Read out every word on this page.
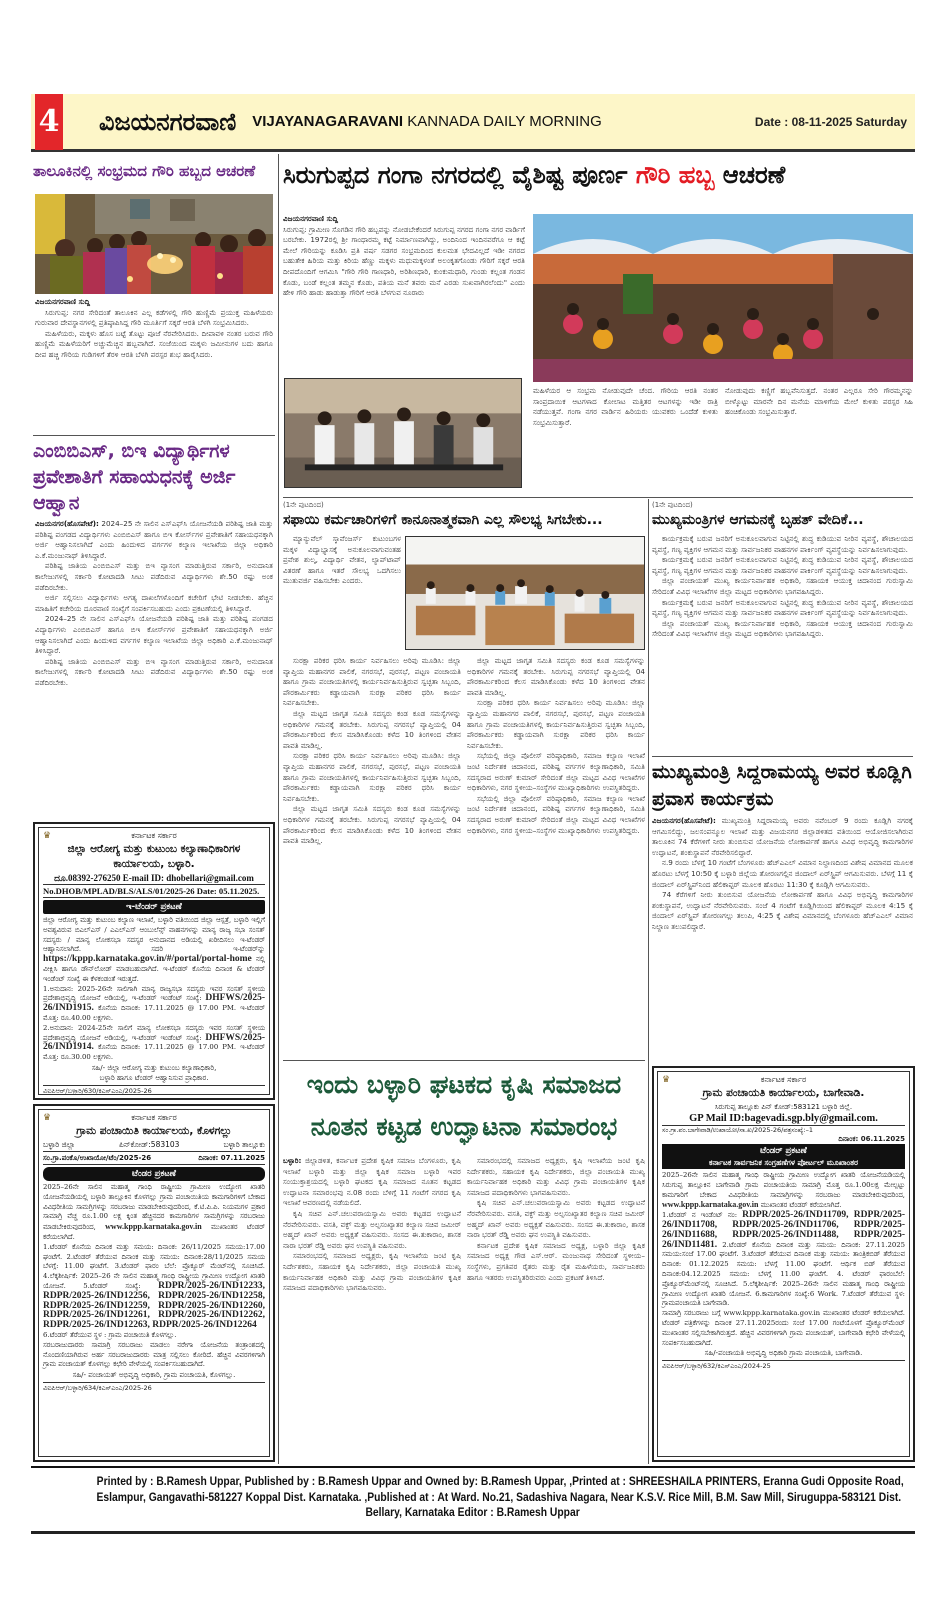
4 ವಿಜಯನಗರವಾಣಿ VIJAYANAGARAVANI KANNADA DAILY MORNING	Date : 08-11-2025 Saturday
ತಾಲೂಕಿನಲ್ಲಿ ಸಂಭ್ರಮದ ಗೌರಿ ಹಬ್ಬದ ಆಚರಣೆ
ವಿಜಯನಗರವಾಣಿ ಸುದ್ದಿ

ಸಿರುಗುಪ್ಪ: ನಗರ ಸೇರಿದಂತೆ ತಾಲೂಕಿನ ಎಲ್ಲ ಕಡೆಗಳಲ್ಲಿ ಗೌರಿ ಹುಣ್ಣಿಮೆ ಪ್ರಯುಕ್ತ ಮಹಿಳೆಯರು ಗುರುವಾರ ದೇವಸ್ಥಾನಗಳಲ್ಲಿ ಪ್ರತಿಷ್ಠಾಪಿಸಿದ್ದ ಗೌರಿ ಮೂರ್ತಿಗೆ ಸಕ್ಕರೆ ಆರತಿ ಬೆಳಗಿ ಸಂಭ್ರಮಿಸಿದರು.

ಮಹಿಳೆಯರು, ಮಕ್ಕಳು ಹೊಸ ಬಟ್ಟೆ ತೊಟ್ಟು ಪೂಜೆ ನೆರವೇರಿಸಿದರು. ದೀಪಾವಳಿ ನಂತರ ಬರುವ ಗೌರಿ ಹುಣ್ಣಿಮೆ ಮಹಿಳೆಯರಿಗೆ ಅಚ್ಚುಮೆಚ್ಚಿನ ಹಬ್ಬವಾಗಿದೆ. ಸಂಜೆಯಿಂದ ಮಕ್ಕಳು ಜಮೀನುಗಳ ಬದು ಹಾಗೂ ದೀಪ ಹಚ್ಚಿ ಗೌರಿಯ ಗುಡಿಗಳಿಗೆ ತೆರಳಿ ಆರತಿ ಬೆಳಗಿ ಪರಸ್ಪರ ಶುಭ ಹಾರೈಸಿದರು.

ಎಂಬಿಬಿಎಸ್, ಬಿಇ ವಿದ್ಯಾರ್ಥಿಗಳ ಪ್ರವೇಶಾತಿಗೆ ಸಹಾಯಧನಕ್ಕೆ ಅರ್ಜಿ ಆಹ್ವಾನ
ವಿಜಯನಗರ(ಹೊಸಪೇಟೆ): 2024–25 ನೇ ಸಾಲಿನ ಎಸ್‌ಎಫ್‌ಸಿ ಯೋಜನೆಯಡಿ ಪರಿಶಿಷ್ಟ ಜಾತಿ ಮತ್ತು ಪರಿಶಿಷ್ಟ ಪಂಗಡದ ವಿದ್ಯಾರ್ಥಿಗಳು ಎಂಬಿಬಿಎಸ್ ಹಾಗೂ ಬಿಇ ಕೋರ್ಸ್‌ಗಳ ಪ್ರವೇಶಾತಿಗೆ ಸಹಾಯಧನಕ್ಕಾಗಿ ಅರ್ಜಿ ಆಹ್ವಾನಿಸಲಾಗಿದೆ ಎಂದು ಹಿಂದುಳಿದ ವರ್ಗಗಳ ಕಲ್ಯಾಣ ಇಲಾಖೆಯ ಜಿಲ್ಲಾ ಅಧಿಕಾರಿ ಎ.ಕೆ.ಮಂಜುನಾಥ್ ತಿಳಿಸಿದ್ದಾರೆ.

ಪರಿಶಿಷ್ಟ ಜಾತಿಯ ಎಂಬಿಬಿಎಸ್ ಮತ್ತು ಬಿಇ ವ್ಯಾಸಂಗ ಮಾಡುತ್ತಿರುವ ಸರ್ಕಾರಿ, ಅನುದಾನಿತ ಕಾಲೇಜುಗಳಲ್ಲಿ ಸರ್ಕಾರಿ ಕೋಟಾದಡಿ ಸೀಟು ಪಡೆದಿರುವ ವಿದ್ಯಾರ್ಥಿಗಳು ಶೇ.50 ರಷ್ಟು ಅಂಕ ಪಡೆದಿರಬೇಕು.

ಅರ್ಜಿ ಸಲ್ಲಿಸಲು ವಿದ್ಯಾರ್ಥಿಗಳು ಅಗತ್ಯ ದಾಖಲೆಗಳೊಂದಿಗೆ ಕಚೇರಿಗೆ ಭೇಟಿ ನೀಡಬೇಕು. ಹೆಚ್ಚಿನ ಮಾಹಿತಿಗೆ ಕಚೇರಿಯ ದೂರವಾಣಿ ಸಂಖ್ಯೆಗೆ ಸಂಪರ್ಕಿಸಬಹುದು ಎಂದು ಪ್ರಕಟಣೆಯಲ್ಲಿ ತಿಳಿಸಿದ್ದಾರೆ.

2024–25 ನೇ ಸಾಲಿನ ಎಸ್‌ಎಫ್‌ಸಿ ಯೋಜನೆಯಡಿ ಪರಿಶಿಷ್ಟ ಜಾತಿ ಮತ್ತು ಪರಿಶಿಷ್ಟ ಪಂಗಡದ ವಿದ್ಯಾರ್ಥಿಗಳು ಎಂಬಿಬಿಎಸ್ ಹಾಗೂ ಬಿಇ ಕೋರ್ಸ್‌ಗಳ ಪ್ರವೇಶಾತಿಗೆ ಸಹಾಯಧನಕ್ಕಾಗಿ ಅರ್ಜಿ ಆಹ್ವಾನಿಸಲಾಗಿದೆ ಎಂದು ಹಿಂದುಳಿದ ವರ್ಗಗಳ ಕಲ್ಯಾಣ ಇಲಾಖೆಯ ಜಿಲ್ಲಾ ಅಧಿಕಾರಿ ಎ.ಕೆ.ಮಂಜುನಾಥ್ ತಿಳಿಸಿದ್ದಾರೆ.

ಪರಿಶಿಷ್ಟ ಜಾತಿಯ ಎಂಬಿಬಿಎಸ್ ಮತ್ತು ಬಿಇ ವ್ಯಾಸಂಗ ಮಾಡುತ್ತಿರುವ ಸರ್ಕಾರಿ, ಅನುದಾನಿತ ಕಾಲೇಜುಗಳಲ್ಲಿ ಸರ್ಕಾರಿ ಕೋಟಾದಡಿ ಸೀಟು ಪಡೆದಿರುವ ವಿದ್ಯಾರ್ಥಿಗಳು ಶೇ.50 ರಷ್ಟು ಅಂಕ ಪಡೆದಿರಬೇಕು.

♛	ಕರ್ನಾಟಕ ಸರ್ಕಾರ
ಜಿಲ್ಲಾ ಆರೋಗ್ಯ ಮತ್ತು ಕುಟುಂಬ ಕಲ್ಯಾಣಾಧಿಕಾರಿಗಳ
ಕಾರ್ಯಾಲಯ, ಬಳ್ಳಾರಿ.
ದೂ.08392-276250 E-mail ID: dhobellari@gmail.com
No.DHOB/MPLAD/BLS/ALS/01/2025-26 Date: 05.11.2025.
ಇ-ಟೆಂಡರ್ ಪ್ರಕಟಣೆ
ಜಿಲ್ಲಾ ಆರೋಗ್ಯ ಮತ್ತು ಕುಟುಂಬ ಕಲ್ಯಾಣ ಇಲಾಖೆ, ಬಳ್ಳಾರಿ ವತಿಯಿಂದ ಜಿಲ್ಲಾ ಆಸ್ಪತ್ರೆ, ಬಳ್ಳಾರಿ ಇಲ್ಲಿಗೆ ಅವಶ್ಯವಿರುವ ಬಿಎಲ್‌ಎಸ್ / ಎಎಲ್‌ಎಸ್ ಆಂಬುಲೆನ್ಸ್ ವಾಹನಗಳನ್ನು ಮಾನ್ಯ ರಾಜ್ಯ ಸಭಾ ಸಂಸತ್ ಸದಸ್ಯರು / ಮಾನ್ಯ ಲೋಕಸಭಾ ಸದಸ್ಯರ ಅನುದಾನದ ಅಡಿಯಲ್ಲಿ ಖರೀದಿಸಲು ಇ-ಟೆಂಡರ್ ಆಹ್ವಾನಿಸಲಾಗಿದೆ. ಸದರಿ ಇ-ಟೆಂಡರ್‌ನ್ನು https://kppp.karnataka.gov.in/#/portal/portal-home ನಲ್ಲಿ ವೀಕ್ಷಿಸಿ ಹಾಗೂ ಡೌನ್‌ಲೋಡ್ ಮಾಡಬಹುದಾಗಿದೆ. ಇ-ಟೆಂಡರ್ ಕೊನೆಯ ದಿನಾಂಕ & ಟೆಂಡರ್ ಇಂಡೆಂಟ್ ಸಂಖ್ಯೆ ಈ ಕೆಳಕಂಡಂತೆ ಇರುತ್ತದೆ.
1.ಅನುದಾನ: 2025-26ನೇ ಸಾಲಿಗಾಗಿ ಮಾನ್ಯ ರಾಜ್ಯಸಭಾ ಸದಸ್ಯರು ಇವರ ಸಂಸತ್ ಸ್ಥಳೀಯ ಪ್ರದೇಶಾಭಿವೃದ್ಧಿ ಯೋಜನೆ ಅಡಿಯಲ್ಲಿ, ಇ-ಟೆಂಡರ್ ಇಂಡೆಂಟ್ ಸಂಖ್ಯೆ: DHFWS/2025-26/IND1915. ಕೊನೆಯ ದಿನಾಂಕ: 17.11.2025 @ 17.00 PM. ಇ-ಟೆಂಡರ್ ಮೊತ್ತ: ರೂ.40.00 ಲಕ್ಷಗಳು.
2.ಅನುದಾನ: 2024-25ನೇ ಸಾಲಿಗೆ ಮಾನ್ಯ ಲೋಕಸಭಾ ಸದಸ್ಯರು ಇವರ ಸಂಸತ್ ಸ್ಥಳೀಯ ಪ್ರದೇಶಾಭಿವೃದ್ಧಿ ಯೋಜನೆ ಅಡಿಯಲ್ಲಿ, ಇ-ಟೆಂಡರ್ ಇಂಡೆಂಟ್ ಸಂಖ್ಯೆ: DHFWS/2025-26/IND1914. ಕೊನೆಯ ದಿನಾಂಕ: 17.11.2025 @ 17.00 PM. ಇ-ಟೆಂಡರ್ ಮೊತ್ತ: ರೂ.30.00 ಲಕ್ಷಗಳು.
ಸಹಿ/- ಜಿಲ್ಲಾ ಆರೋಗ್ಯ ಮತ್ತು ಕುಟುಂಬ ಕಲ್ಯಾಣಾಧಿಕಾರಿ,
ಬಳ್ಳಾರಿ ಹಾಗೂ ಟೆಂಡರ್ ಆಹ್ವಾನಿಸುವ ಪ್ರಾಧಿಕಾರ.
ವಿಐಪಿಆರ್/ಬಳ್ಳಾರಿ/630/ಕಿಎಸ್‌ಎಂಎ/2025-26
♛	ಕರ್ನಾಟಕ ಸರ್ಕಾರ
ಗ್ರಾಮ ಪಂಚಾಯಿತಿ ಕಾರ್ಯಾಲಯ, ಕೊಳಗಲ್ಲು
ಬಳ್ಳಾರಿ ಜಿಲ್ಲಾ	ಪಿನ್‌ಕೋಡ್:583103	ಬಳ್ಳಾರಿ ತಾಲ್ಲೂಕು
ಸಂ.ಗ್ರಾ.ಪಂಕೊ/ಉಖಾಯೋ/ಟೆಂ/2025-26	ದಿನಾಂಕ: 07.11.2025
ಟೆಂಡರ ಪ್ರಕಟಣೆ
2025–26ನೇ ಸಾಲಿನ ಮಹಾತ್ಮ ಗಾಂಧಿ ರಾಷ್ಟ್ರೀಯ ಗ್ರಾಮೀಣ ಉದ್ಯೋಗ ಖಾತರಿ ಯೋಜನೆಯಡಿಯಲ್ಲಿ ಬಳ್ಳಾರಿ ತಾಲ್ಲೂಕಿನ ಕೊಳಗಲ್ಲು ಗ್ರಾಮ ಪಂಚಾಯಿತಿಯ ಕಾಮಗಾರಿಗಳಿಗೆ ಬೇಕಾದ ವಿವಿಧರೀತಿಯ ಸಾಮಗ್ರಿಗಳನ್ನು ಸರಬರಾಜು ಮಾಡಬೇಕಿರುವುದರಿಂದ, ಕೆ.ಟಿ.ಪಿ.ಪಿ. ನಿಯಮಗಳ ಪ್ರಕಾರ ಸಾಮಾಗ್ರಿ ವೆಚ್ಚ ರೂ.1.00 ಲಕ್ಷ ಕ್ಕಿಂತ ಹೆಚ್ಚಿನದರ ಕಾಮಗಾರಿಗಳ ಸಾಮಗ್ರಿಗಳನ್ನು ಸರಬರಾಜು ಮಾಡಬೇಕಿರುವುದರಿಂದ, www.kppp.karnataka.gov.in ಮುಖಾಂತರ ಟೆಂಡರ್ ಕರೆಯಲಾಗಿದೆ.
1.ಟೆಂಡರ್ ಕೊನೆಯ ದಿನಾಂಕ ಮತ್ತು ಸಮಯ: ದಿನಾಂಕ: 26/11/2025 ಸಮಯ:17.00 ಘಂಟೆಗೆ. 2.ಟೆಂಡರ್ ತೆರೆಯುವ ದಿನಾಂಕ ಮತ್ತು ಸಮಯ: ದಿನಾಂಕ:28/11/2025 ಸಮಯ ಬೆಳಗ್ಗೆ: 11.00 ಘಂಟೆಗೆ. 3.ಟೆಂಡರ್ ಫಾರಂ ಬೆಲೆ: ಪ್ರೊಕ್ಯೂರ್ ಮೆಂಟ್‌ನಲ್ಲಿ ಸೂಚಿಸಿದೆ. 4.ಲೆಕ್ಕಶೀರ್ಷಿಕೆ: 2025–26 ನೇ ಸಾಲಿನ ಮಹಾತ್ಮ ಗಾಂಧಿ ರಾಷ್ಟ್ರೀಯ ಗ್ರಾಮೀಣ ಉದ್ಯೋಗ ಖಾತರಿ ಯೋಜನೆ. 5.ಟೆಂಡರ್ ಸಂಖ್ಯೆ: RDPR/2025-26/IND12233, RDPR/2025-26/IND12256, RDPR/2025-26/IND12258, RDPR/2025-26/IND12259, RDPR/2025-26/IND12260, RDPR/2025-26/IND12261, RDPR/2025-26/IND12262, RDPR/2025-26/IND12263, RDPR/2025-26/IND12264
6.ಟೆಂಡರ್ ತೆರೆಯುವ ಸ್ಥಳ : ಗ್ರಾಮ ಪಂಚಾಯಿತಿ ಕೊಳಗಲ್ಲು.
ಸರಬರಾಜುದಾರರು ಸಾಮಾಗ್ರಿ ಸರಬರಾಜು ಮಾಡಲು ನರೇಗಾ ಯೋಜನೆಯ ತಂತ್ರಾಂಶದಲ್ಲಿ ನೊಂದಣಿಯಾಗಿರುವ ಅರ್ಹ ಸರಬರಾಜುದಾರರು ಮಾತ್ರ ಸಲ್ಲಿಸಲು ಕೋರಿದೆ. ಹೆಚ್ಚಿನ ವಿವರಗಳಿಗಾಗಿ ಗ್ರಾಮ ಪಂಚಾಯತ್ ಕೊಳಗಲ್ಲು ಕಛೇರಿ ವೇಳೆಯಲ್ಲಿ ಸಂಪರ್ಕಿಸಬಹುದಾಗಿದೆ.
ಸಹಿ/- ಪಂಚಾಯತ್ ಅಭಿವೃದ್ಧಿ ಅಧಿಕಾರಿ, ಗ್ರಾಮ ಪಂಚಾಯತಿ, ಕೊಳಗಲ್ಲು.
ವಿಐಪಿಆರ್/ಬಳ್ಳಾರಿ/634/ಕಿಎಸ್‌ಎಂಎ/2025-26
ಸಿರುಗುಪ್ಪದ ಗಂಗಾ ನಗರದಲ್ಲಿ ವೈಶಿಷ್ಟ ಪೂರ್ಣ ಗೌರಿ ಹಬ್ಬ ಆಚರಣೆ
ವಿಜಯನಗರವಾಣಿ ಸುದ್ದಿ
ಸಿರುಗುಪ್ಪ: ಗ್ರಾಮೀಣ ಸೊಗಡಿನ ಗೌರಿ ಹಬ್ಬವನ್ನು ನೋಡಬೇಕೆಂದರೆ ಸಿರುಗುಪ್ಪ ನಗರದ ಗಂಗಾ ನಗರ ವಾರ್ಡಿಗೆ ಬರಬೇಕು. 1972ರಲ್ಲಿ ಶ್ರೀ ಗಾಂಧಾರಮ್ಮ ಕಟ್ಟೆ ನಿರ್ಮಾಣವಾಗಿದ್ದು, ಅಂದಿನಿಂದ ಇಂದಿನವರೆಗೂ ಆ ಕಟ್ಟೆ ಮೇಲೆ ಗೌರಿಯನ್ನು ಕೂಡಿಸಿ ಪ್ರತಿ ವರ್ಷ ಸಡಗರ ಸಂಭ್ರಮದಿಂದ ಕುಲಮತ ಭೇದವಿಲ್ಲದೆ ಇಡೀ ನಗರದ ಬಹುತೇಕ ಹಿರಿಯ ಮತ್ತು ಕಿರಿಯ ಹೆಣ್ಣು ಮಕ್ಕಳು ಮಧುಮಕ್ಕಳಂತೆ ಅಲಂಕೃತಗೊಂಡು ಗೌರಿಗೆ ಸಕ್ಕರೆ ಆರತಿ ದೀಪದೊಂದಿಗೆ ಆಗಮಿಸಿ "ಗೌರಿ ಗೌರಿ ಗಾಣಧಾರಿ, ಅರಿಶಿಣಧಾರಿ, ಕುಂಕುಮಧಾರಿ, ಗುಂಡು ಕಲ್ಲಂತ ಗಂಡನ ಕೊಡು, ಬಂಡೆ ಕಲ್ಲಂತ ತಮ್ಮನ ಕೊಡು, ಪತಿಯ ಮನೆ ತವರು ಮನೆ ಎರಡು ಸುಖವಾಗಿರಲೆಂದು" ಎಂದು ಹೇಳಿ ಗೌರಿ ಹಾಡು ಹಾಡುತ್ತಾ ಗೌರಿಗೆ ಆರತಿ ಬೆಳಗುವ ನೂರಾರು
ಮಹಿಳೆಯರ ಆ ಸಂಭ್ರಮ ನೋಡುವುದೇ ಚೆಂದ. ಗೌರಿಯ ಆರತಿ ನಂತರ ಸಾಂಪ್ರದಾಯಿಕ ಆಟಗಳಾದ ಕೋಲಾಟ ಮತ್ತಿತರ ಆಟಗಳನ್ನು ಇಡೀ ರಾತ್ರಿ ನಡೆಯುತ್ತವೆ. ಗಂಗಾ ನಗರ ವಾರ್ಡಿನ ಹಿರಿಯರು ಯುವಕರು ಒಂದೆಡೆ ಕುಳಿತು ಸಂಭ್ರಮಿಸುತ್ತಾರೆ.
ನೋಡುವುದು ಕಣ್ಣಿಗೆ ಹಬ್ಬವೆನಿಸುತ್ತದೆ. ನಂತರ ಎಲ್ಲರೂ ಸೇರಿ ಗೌರಮ್ಮನನ್ನು ಬೀಳ್ಕೊಟ್ಟು ಮಾರನೇ ದಿನ ಮನೆಯ ಮಾಳಿಗೆಯ ಮೇಲೆ ಕುಳಿತು ಪರಸ್ಪರ ಸಿಹಿ ಹಂಚಿಕೊಂಡು ಸಂಭ್ರಮಿಸುತ್ತಾರೆ.
(1ನೇ ಪುಟದಿಂದ)
ಸಫಾಯಿ ಕರ್ಮಚಾರಿಗಳಿಗೆ ಕಾನೂನಾತ್ಮಕವಾಗಿ ಎಲ್ಲ ಸೌಲಭ್ಯ ಸಿಗಬೇಕು...

ಮ್ಯಾನ್ಯುವೆಲ್ ಸ್ಕಾವೆಂಜರ್ಸ್ ಕುಟುಂಬಗಳ ಮಕ್ಕಳ ವಿದ್ಯಾಭ್ಯಾಸಕ್ಕೆ ಅನುಕೂಲವಾಗುವಂತಹ ಪ್ರವೇಶ ಶುಲ್ಕ, ವಿದ್ಯಾರ್ಥಿ ವೇತನ, ಲ್ಯಾಪ್‌ಟಾಪ್ ವಿತರಣೆ ಹಾಗೂ ಇತರೆ ಸೌಲಭ್ಯ ಒದಗಿಸಲು ಮುತುವರ್ಜಿ ವಹಿಸಬೇಕು ಎಂದರು.

ಸುರಕ್ಷಾ ಪರಿಕರ ಧರಿಸಿ ಕಾರ್ಯ ನಿರ್ವಹಿಸಲು ಅರಿವು ಮೂಡಿಸಿ: ಜಿಲ್ಲಾ ವ್ಯಾಪ್ತಿಯ ಮಹಾನಗರ ಪಾಲಿಕೆ, ನಗರಸಭೆ, ಪುರಸಭೆ, ಪಟ್ಟಣ ಪಂಚಾಯತಿ ಹಾಗೂ ಗ್ರಾಮ ಪಂಚಾಯತಿಗಳಲ್ಲಿ ಕಾರ್ಯನಿರ್ವಹಿಸುತ್ತಿರುವ ಸ್ವಚ್ಛತಾ ಸಿಬ್ಬಂದಿ, ಪೌರಕಾರ್ಮಿಕರು ಕಡ್ಡಾಯವಾಗಿ ಸುರಕ್ಷಾ ಪರಿಕರ ಧರಿಸಿ ಕಾರ್ಯ ನಿರ್ವಹಿಸಬೇಕು.

ಜಿಲ್ಲಾ ಮಟ್ಟದ ಜಾಗೃತ ಸಮಿತಿ ಸದಸ್ಯರು ಕಂಡ ಕೂಡ ಸಮಸ್ಯೆಗಳನ್ನು ಅಧಿಕಾರಿಗಳ ಗಮನಕ್ಕೆ ತರಬೇಕು. ಸಿರುಗುಪ್ಪ ನಗರಸಭೆ ವ್ಯಾಪ್ತಿಯಲ್ಲಿ 04 ಪೌರಕಾರ್ಮಿಕರಿಂದ ಕೆಲಸ ಮಾಡಿಸಿಕೊಂಡು ಕಳೆದ 10 ತಿಂಗಳಿಂದ ವೇತನ ಪಾವತಿ ಮಾಡಿಲ್ಲ.

ಸುರಕ್ಷಾ ಪರಿಕರ ಧರಿಸಿ ಕಾರ್ಯ ನಿರ್ವಹಿಸಲು ಅರಿವು ಮೂಡಿಸಿ: ಜಿಲ್ಲಾ ವ್ಯಾಪ್ತಿಯ ಮಹಾನಗರ ಪಾಲಿಕೆ, ನಗರಸಭೆ, ಪುರಸಭೆ, ಪಟ್ಟಣ ಪಂಚಾಯತಿ ಹಾಗೂ ಗ್ರಾಮ ಪಂಚಾಯತಿಗಳಲ್ಲಿ ಕಾರ್ಯನಿರ್ವಹಿಸುತ್ತಿರುವ ಸ್ವಚ್ಛತಾ ಸಿಬ್ಬಂದಿ, ಪೌರಕಾರ್ಮಿಕರು ಕಡ್ಡಾಯವಾಗಿ ಸುರಕ್ಷಾ ಪರಿಕರ ಧರಿಸಿ ಕಾರ್ಯ ನಿರ್ವಹಿಸಬೇಕು.

ಜಿಲ್ಲಾ ಮಟ್ಟದ ಜಾಗೃತ ಸಮಿತಿ ಸದಸ್ಯರು ಕಂಡ ಕೂಡ ಸಮಸ್ಯೆಗಳನ್ನು ಅಧಿಕಾರಿಗಳ ಗಮನಕ್ಕೆ ತರಬೇಕು. ಸಿರುಗುಪ್ಪ ನಗರಸಭೆ ವ್ಯಾಪ್ತಿಯಲ್ಲಿ 04 ಪೌರಕಾರ್ಮಿಕರಿಂದ ಕೆಲಸ ಮಾಡಿಸಿಕೊಂಡು ಕಳೆದ 10 ತಿಂಗಳಿಂದ ವೇತನ ಪಾವತಿ ಮಾಡಿಲ್ಲ.

ಜಿಲ್ಲಾ ಮಟ್ಟದ ಜಾಗೃತ ಸಮಿತಿ ಸದಸ್ಯರು ಕಂಡ ಕೂಡ ಸಮಸ್ಯೆಗಳನ್ನು ಅಧಿಕಾರಿಗಳ ಗಮನಕ್ಕೆ ತರಬೇಕು. ಸಿರುಗುಪ್ಪ ನಗರಸಭೆ ವ್ಯಾಪ್ತಿಯಲ್ಲಿ 04 ಪೌರಕಾರ್ಮಿಕರಿಂದ ಕೆಲಸ ಮಾಡಿಸಿಕೊಂಡು ಕಳೆದ 10 ತಿಂಗಳಿಂದ ವೇತನ ಪಾವತಿ ಮಾಡಿಲ್ಲ.

ಸುರಕ್ಷಾ ಪರಿಕರ ಧರಿಸಿ ಕಾರ್ಯ ನಿರ್ವಹಿಸಲು ಅರಿವು ಮೂಡಿಸಿ: ಜಿಲ್ಲಾ ವ್ಯಾಪ್ತಿಯ ಮಹಾನಗರ ಪಾಲಿಕೆ, ನಗರಸಭೆ, ಪುರಸಭೆ, ಪಟ್ಟಣ ಪಂಚಾಯತಿ ಹಾಗೂ ಗ್ರಾಮ ಪಂಚಾಯತಿಗಳಲ್ಲಿ ಕಾರ್ಯನಿರ್ವಹಿಸುತ್ತಿರುವ ಸ್ವಚ್ಛತಾ ಸಿಬ್ಬಂದಿ, ಪೌರಕಾರ್ಮಿಕರು ಕಡ್ಡಾಯವಾಗಿ ಸುರಕ್ಷಾ ಪರಿಕರ ಧರಿಸಿ ಕಾರ್ಯ ನಿರ್ವಹಿಸಬೇಕು.

ಸಭೆಯಲ್ಲಿ ಜಿಲ್ಲಾ ಪೊಲೀಸ್ ವರಿಷ್ಠಾಧಿಕಾರಿ, ಸಮಾಜ ಕಲ್ಯಾಣ ಇಲಾಖೆ ಜಂಟಿ ನಿರ್ದೇಶಕ ಚಿದಾನಂದ, ಪರಿಶಿಷ್ಟ ವರ್ಗಗಳ ಕಲ್ಯಾಣಾಧಿಕಾರಿ, ಸಮಿತಿ ಸದಸ್ಯರಾದ ಅರುಣ್ ಕುಮಾರ್ ಸೇರಿದಂತೆ ಜಿಲ್ಲಾ ಮಟ್ಟದ ವಿವಿಧ ಇಲಾಖೆಗಳ ಅಧಿಕಾರಿಗಳು, ನಗರ ಸ್ಥಳೀಯ–ಸಂಸ್ಥೆಗಳ ಮುಖ್ಯಾಧಿಕಾರಿಗಳು ಉಪಸ್ಥಿತರಿದ್ದರು.

ಸಭೆಯಲ್ಲಿ ಜಿಲ್ಲಾ ಪೊಲೀಸ್ ವರಿಷ್ಠಾಧಿಕಾರಿ, ಸಮಾಜ ಕಲ್ಯಾಣ ಇಲಾಖೆ ಜಂಟಿ ನಿರ್ದೇಶಕ ಚಿದಾನಂದ, ಪರಿಶಿಷ್ಟ ವರ್ಗಗಳ ಕಲ್ಯಾಣಾಧಿಕಾರಿ, ಸಮಿತಿ ಸದಸ್ಯರಾದ ಅರುಣ್ ಕುಮಾರ್ ಸೇರಿದಂತೆ ಜಿಲ್ಲಾ ಮಟ್ಟದ ವಿವಿಧ ಇಲಾಖೆಗಳ ಅಧಿಕಾರಿಗಳು, ನಗರ ಸ್ಥಳೀಯ–ಸಂಸ್ಥೆಗಳ ಮುಖ್ಯಾಧಿಕಾರಿಗಳು ಉಪಸ್ಥಿತರಿದ್ದರು.

ಇಂದು ಬಳ್ಳಾರಿ ಘಟಕದ ಕೃಷಿ ಸಮಾಜದ
ನೂತನ ಕಟ್ಟಡ ಉದ್ಘಾಟನಾ ಸಮಾರಂಭ
ಬಳ್ಳಾರಿ: ಜಿಲ್ಲಾಡಳಿತ, ಕರ್ನಾಟಕ ಪ್ರದೇಶ ಕೃಷಿಕ ಸಮಾಜ ಬೆಂಗಳೂರು, ಕೃಷಿ ಇಲಾಖೆ ಬಳ್ಳಾರಿ ಮತ್ತು ಜಿಲ್ಲಾ ಕೃಷಿಕ ಸಮಾಜ ಬಳ್ಳಾರಿ ಇವರ ಸಂಯುಕ್ತಾಶ್ರಯದಲ್ಲಿ ಬಳ್ಳಾರಿ ಘಟಕದ ಕೃಷಿ ಸಮಾಜದ ನೂತನ ಕಟ್ಟಡದ ಉದ್ಘಾಟನಾ ಸಮಾರಂಭವು ನ.08 ರಂದು ಬೆಳಿಗ್ಗೆ 11 ಗಂಟೆಗೆ ನಗರದ ಕೃಷಿ ಇಲಾಖೆ ಆವರಣದಲ್ಲಿ ನಡೆಯಲಿದೆ.

ಕೃಷಿ ಸಚಿವ ಎನ್.ಚಲುವರಾಯಸ್ವಾಮಿ ಅವರು ಕಟ್ಟಡದ ಉದ್ಘಾಟನೆ ನೆರವೇರಿಸುವರು. ವಸತಿ, ವಕ್ಫ್ ಮತ್ತು ಅಲ್ಪಸಂಖ್ಯಾತರ ಕಲ್ಯಾಣ ಸಚಿವ ಜಮೀರ್ ಅಹ್ಮದ್ ಖಾನ್ ಅವರು ಅಧ್ಯಕ್ಷತೆ ವಹಿಸುವರು. ಸಂಸದ ಈ.ತುಕಾರಾಂ, ಶಾಸಕ ನಾರಾ ಭರತ್ ರೆಡ್ಡಿ ಅವರು ಘನ ಉಪಸ್ಥಿತಿ ವಹಿಸುವರು.

ಸಮಾರಂಭದಲ್ಲಿ ಸಮಾಜದ ಅಧ್ಯಕ್ಷರು, ಕೃಷಿ ಇಲಾಖೆಯ ಜಂಟಿ ಕೃಷಿ ನಿರ್ದೇಶಕರು, ಸಹಾಯಕ ಕೃಷಿ ನಿರ್ದೇಶಕರು, ಜಿಲ್ಲಾ ಪಂಚಾಯತಿ ಮುಖ್ಯ ಕಾರ್ಯನಿರ್ವಾಹಕ ಅಧಿಕಾರಿ ಮತ್ತು ವಿವಿಧ ಗ್ರಾಮ ಪಂಚಾಯತಿಗಳ ಕೃಷಿಕ ಸಮಾಜದ ಪದಾಧಿಕಾರಿಗಳು ಭಾಗವಹಿಸುವರು.

ಸಮಾರಂಭದಲ್ಲಿ ಸಮಾಜದ ಅಧ್ಯಕ್ಷರು, ಕೃಷಿ ಇಲಾಖೆಯ ಜಂಟಿ ಕೃಷಿ ನಿರ್ದೇಶಕರು, ಸಹಾಯಕ ಕೃಷಿ ನಿರ್ದೇಶಕರು, ಜಿಲ್ಲಾ ಪಂಚಾಯತಿ ಮುಖ್ಯ ಕಾರ್ಯನಿರ್ವಾಹಕ ಅಧಿಕಾರಿ ಮತ್ತು ವಿವಿಧ ಗ್ರಾಮ ಪಂಚಾಯತಿಗಳ ಕೃಷಿಕ ಸಮಾಜದ ಪದಾಧಿಕಾರಿಗಳು ಭಾಗವಹಿಸುವರು.

ಕೃಷಿ ಸಚಿವ ಎನ್.ಚಲುವರಾಯಸ್ವಾಮಿ ಅವರು ಕಟ್ಟಡದ ಉದ್ಘಾಟನೆ ನೆರವೇರಿಸುವರು. ವಸತಿ, ವಕ್ಫ್ ಮತ್ತು ಅಲ್ಪಸಂಖ್ಯಾತರ ಕಲ್ಯಾಣ ಸಚಿವ ಜಮೀರ್ ಅಹ್ಮದ್ ಖಾನ್ ಅವರು ಅಧ್ಯಕ್ಷತೆ ವಹಿಸುವರು. ಸಂಸದ ಈ.ತುಕಾರಾಂ, ಶಾಸಕ ನಾರಾ ಭರತ್ ರೆಡ್ಡಿ ಅವರು ಘನ ಉಪಸ್ಥಿತಿ ವಹಿಸುವರು.

ಕರ್ನಾಟಕ ಪ್ರದೇಶ ಕೃಷಿಕ ಸಮಾಜದ ಅಧ್ಯಕ್ಷ, ಬಳ್ಳಾರಿ ಜಿಲ್ಲಾ ಕೃಷಿಕ ಸಮಾಜದ ಅಧ್ಯಕ್ಷ ಗೌಡ ಎಸ್.ಆರ್. ಮಂಜುನಾಥ ಸೇರಿದಂತೆ ಸ್ಥಳೀಯ–ಸಂಸ್ಥೆಗಳು, ಪ್ರಗತಿಪರ ರೈತರು ಮತ್ತು ರೈತ ಮಹಿಳೆಯರು, ಸಾರ್ವಜನಿಕರು ಹಾಗೂ ಇತರರು ಉಪಸ್ಥಿತರಿರುವರು ಎಂದು ಪ್ರಕಟಣೆ ತಿಳಿಸಿದೆ.

(1ನೇ ಪುಟದಿಂದ)
ಮುಖ್ಯಮಂತ್ರಿಗಳ ಆಗಮನಕ್ಕೆ ಬೃಹತ್ ವೇದಿಕೆ...

ಕಾರ್ಯಕ್ರಮಕ್ಕೆ ಬರುವ ಜನರಿಗೆ ಅನುಕೂಲವಾಗುವ ನಿಟ್ಟಿನಲ್ಲಿ ಶುದ್ಧ ಕುಡಿಯುವ ನೀರಿನ ವ್ಯವಸ್ಥೆ, ಶೌಚಾಲಯದ ವ್ಯವಸ್ಥೆ, ಗಣ್ಯ ವ್ಯಕ್ತಿಗಳ ಆಗಮನ ಮತ್ತು ಸಾರ್ವಜನಿಕರ ವಾಹನಗಳ ಪಾರ್ಕಿಂಗ್ ವ್ಯವಸ್ಥೆಯನ್ನು ನಿರ್ವಹಿಸಲಾಗುವುದು.

ಕಾರ್ಯಕ್ರಮಕ್ಕೆ ಬರುವ ಜನರಿಗೆ ಅನುಕೂಲವಾಗುವ ನಿಟ್ಟಿನಲ್ಲಿ ಶುದ್ಧ ಕುಡಿಯುವ ನೀರಿನ ವ್ಯವಸ್ಥೆ, ಶೌಚಾಲಯದ ವ್ಯವಸ್ಥೆ, ಗಣ್ಯ ವ್ಯಕ್ತಿಗಳ ಆಗಮನ ಮತ್ತು ಸಾರ್ವಜನಿಕರ ವಾಹನಗಳ ಪಾರ್ಕಿಂಗ್ ವ್ಯವಸ್ಥೆಯನ್ನು ನಿರ್ವಹಿಸಲಾಗುವುದು.

ಜಿಲ್ಲಾ ಪಂಚಾಯತ್ ಮುಖ್ಯ ಕಾರ್ಯನಿರ್ವಾಹಕ ಅಧಿಕಾರಿ, ಸಹಾಯಕ ಆಯುಕ್ತ ಚಿದಾನಂದ ಗುರುಸ್ವಾಮಿ ಸೇರಿದಂತೆ ವಿವಿಧ ಇಲಾಖೆಗಳ ಜಿಲ್ಲಾ ಮಟ್ಟದ ಅಧಿಕಾರಿಗಳು ಭಾಗವಹಿಸಿದ್ದರು.

ಕಾರ್ಯಕ್ರಮಕ್ಕೆ ಬರುವ ಜನರಿಗೆ ಅನುಕೂಲವಾಗುವ ನಿಟ್ಟಿನಲ್ಲಿ ಶುದ್ಧ ಕುಡಿಯುವ ನೀರಿನ ವ್ಯವಸ್ಥೆ, ಶೌಚಾಲಯದ ವ್ಯವಸ್ಥೆ, ಗಣ್ಯ ವ್ಯಕ್ತಿಗಳ ಆಗಮನ ಮತ್ತು ಸಾರ್ವಜನಿಕರ ವಾಹನಗಳ ಪಾರ್ಕಿಂಗ್ ವ್ಯವಸ್ಥೆಯನ್ನು ನಿರ್ವಹಿಸಲಾಗುವುದು.

ಜಿಲ್ಲಾ ಪಂಚಾಯತ್ ಮುಖ್ಯ ಕಾರ್ಯನಿರ್ವಾಹಕ ಅಧಿಕಾರಿ, ಸಹಾಯಕ ಆಯುಕ್ತ ಚಿದಾನಂದ ಗುರುಸ್ವಾಮಿ ಸೇರಿದಂತೆ ವಿವಿಧ ಇಲಾಖೆಗಳ ಜಿಲ್ಲಾ ಮಟ್ಟದ ಅಧಿಕಾರಿಗಳು ಭಾಗವಹಿಸಿದ್ದರು.

ಮುಖ್ಯಮಂತ್ರಿ ಸಿದ್ದರಾಮಯ್ಯ ಅವರ ಕೂಡ್ಲಿಗಿ ಪ್ರವಾಸ ಕಾರ್ಯಕ್ರಮ
ವಿಜಯನಗರ(ಹೊಸಪೇಟೆ): ಮುಖ್ಯಮಂತ್ರಿ ಸಿದ್ದರಾಮಯ್ಯ ಅವರು ನವೆಂಬರ್ 9 ರಂದು ಕೂಡ್ಲಿಗಿ ನಗರಕ್ಕೆ ಆಗಮಿಸಲಿದ್ದು, ಜಲಸಂಪನ್ಮೂಲ ಇಲಾಖೆ ಮತ್ತು ವಿಜಯನಗರ ಜಿಲ್ಲಾಡಳಿತದ ವತಿಯಿಂದ ಆಯೋಜಿಸಲಾಗಿರುವ ತಾಲೂಕಿನ 74 ಕೆರೆಗಳಿಗೆ ನೀರು ತುಂಬಿಸುವ ಯೋಜನೆಯ ಲೋಕಾರ್ಪಣೆ ಹಾಗೂ ವಿವಿಧ ಅಭಿವೃದ್ಧಿ ಕಾಮಗಾರಿಗಳ ಉದ್ಘಾಟನೆ, ಶಂಕುಸ್ಥಾಪನೆ ನೆರವೇರಿಸಲಿದ್ದಾರೆ.

ನ.9 ರಂದು ಬೆಳಗ್ಗೆ 10 ಗಂಟೆಗೆ ಬೆಂಗಳೂರು ಹೆಚ್‌ಎಎಲ್ ವಿಮಾನ ನಿಲ್ದಾಣದಿಂದ ವಿಶೇಷ ವಿಮಾನದ ಮೂಲಕ ಹೊರಟು ಬೆಳಗ್ಗೆ 10:50 ಕ್ಕೆ ಬಳ್ಳಾರಿ ಜಿಲ್ಲೆಯ ತೋರಣಗಲ್ಲಿನ ಜಿಂದಾಲ್ ಏರ್‌ಸ್ಟ್ರಿಪ್ ಆಗಮಿಸುವರು. ಬೆಳಗ್ಗೆ 11 ಕ್ಕೆ ಜಿಂದಾಲ್ ಏರ್‌ಸ್ಟ್ರಿಪ್‌ನಿಂದ ಹೆಲಿಕಾಪ್ಟರ್ ಮೂಲಕ ಹೊರಟು 11:30 ಕ್ಕೆ ಕೂಡ್ಲಿಗಿ ಆಗಮಿಸುವರು.

74 ಕೆರೆಗಳಿಗೆ ನೀರು ತುಂಬಿಸುವ ಯೋಜನೆಯ ಲೋಕಾರ್ಪಣೆ ಹಾಗೂ ವಿವಿಧ ಅಭಿವೃದ್ಧಿ ಕಾಮಗಾರಿಗಳ ಶಂಕುಸ್ಥಾಪನೆ, ಉದ್ಘಾಟನೆ ನೆರವೇರಿಸುವರು. ಸಂಜೆ 4 ಗಂಟೆಗೆ ಕೂಡ್ಲಿಗಿಯಿಂದ ಹೆಲಿಕಾಪ್ಟರ್ ಮೂಲಕ 4:15 ಕ್ಕೆ ಜಿಂದಾಲ್ ಏರ್‌ಸ್ಟ್ರಿಪ್ ತೋರಣಗಲ್ಲು ತಲುಪಿ, 4:25 ಕ್ಕೆ ವಿಶೇಷ ವಿಮಾನದಲ್ಲಿ ಬೆಂಗಳೂರು ಹೆಚ್‌ಎಎಲ್ ವಿಮಾನ ನಿಲ್ದಾಣ ತಲುಪಲಿದ್ದಾರೆ.

♛	ಕರ್ನಾಟಕ ಸರ್ಕಾರ
ಗ್ರಾಮ ಪಂಚಾಯತಿ ಕಾರ್ಯಾಲಯ, ಬಾಗೇವಾಡಿ.
ಸಿರುಗುಪ್ಪ ತಾಲ್ಲೂಕು ಪಿನ್ ಕೋಡ್:583121 ಬಳ್ಳಾರಿ ಜಿಲ್ಲೆ.
GP Mail ID:bagevadi.sgp.bly@gmail.com.
ಸಂ.ಗ್ರಾ.ಪಂ.ಬಾಗೇವಾಡಿ/ಉಖಾಯೋ/ಸಾ.ಖ/2025-26/ಪತ್ರಸಂಖ್ಯೆ:–1
ದಿನಾಂಕ: 06.11.2025
ಟೆಂಡರ್ ಪ್ರಕಟಣೆ
ಕರ್ನಾಟಕ ಸಾರ್ವಜನಿಕ ಸಂಗ್ರಹಣೆಗಳ ಪೋರ್ಟಲ್ ಮೂಖಾಂತರ
2025–26ನೇ ಸಾಲಿನ ಮಹಾತ್ಮ ಗಾಂಧಿ ರಾಷ್ಟ್ರೀಯ ಗ್ರಾಮೀಣ ಉದ್ಯೋಗ ಖಾತರಿ ಯೋಜನೆಯಡಿಯಲ್ಲಿ ಸಿರುಗುಪ್ಪ ತಾಲ್ಲೂಕಿನ ಬಾಗೇವಾಡಿ ಗ್ರಾಮ ಪಂಚಾಯತಿಯ ಸಾಮಾಗ್ರಿ ಮೊತ್ತ ರೂ.1.00ಲಕ್ಷ ಮೇಲ್ಪಟ್ಟು ಕಾಮಗಾರಿಗೆ ಬೇಕಾದ ವಿವಿಧರೀತಿಯ ಸಾಮಾಗ್ರಿಗಳನ್ನು ಸರಬರಾಜು ಮಾಡಬೇಕಿರುವುದರಿಂದ, www.kppp.karnataka.gov.in ಮುಖಾಂತರ ಟೆಂಡರ್ ಕರೆಯಲಾಗಿದೆ.
1.ಟೆಂಡರ್ ನ ಇಂಡೆಂಟ್ ನಂ: RDPR/2025-26/IND11709, RDPR/2025-26/IND11708, RDPR/2025-26/IND11706, RDPR/2025-26/IND11688, RDPR/2025-26/IND11488, RDPR/2025-26/IND11481. 2.ಟೆಂಡರ್ ಕೊನೆಯ ದಿನಾಂಕ ಮತ್ತು ಸಮಯ: ದಿನಾಂಕ: 27.11.2025 ಸಮಯ:ಸಂಜೆ 17.00 ಘಂಟೆಗೆ. 3.ಟೆಂಡರ್ ತೆರೆಯುವ ದಿನಾಂಕ ಮತ್ತು ಸಮಯ: ತಾಂತ್ರಿಕಬಿಡ್ ತೆರೆಯುವ ದಿನಾಂಕ: 01.12.2025 ಸಮಯ: ಬೆಳಗ್ಗೆ 11.00 ಘಂಟೆಗೆ. ಆರ್ಥಿಕ ಬಿಡ್ ತೆರೆಯುವ ದಿನಾಂಕ:04.12.2025 ಸಮಯ: ಬೆಳಗ್ಗೆ 11.00 ಘಂಟೆಗೆ. 4. ಟೆಂಡರ್ ಫಾರಂಬೆಲೆ: ಪ್ರೊಕ್ಯೂರ್‌ಮೆಂಟ್‌ನಲ್ಲಿ ಸೂಚಿಸಿದೆ. 5.ಲೆಕ್ಕಶೀರ್ಷಿಕೆ: 2025–26ನೇ ಸಾಲಿನ ಮಹಾತ್ಮ ಗಾಂಧಿ ರಾಷ್ಟ್ರೀಯ ಗ್ರಾಮೀಣ ಉದ್ಯೋಗ ಖಾತರಿ ಯೋಜನೆ. 6.ಕಾಮಗಾರಿಗಳ ಸಂಖ್ಯೆ:6 Work. 7.ಟೆಂಡರ್ ತೆರೆಯುವ ಸ್ಥಳ: ಗ್ರಾಮಪಂಚಾಯತಿ ಬಾಗೇವಾಡಿ.
ಸಾಮಾಗ್ರಿ ಸರಬರಾಜು ಬಗ್ಗೆ www.kppp.karnataka.gov.in ಮುಖಾಂತರ ಟೆಂಡರ್ ಕರೆಯಲಾಗಿದೆ. ಟೆಂಡರ್ ಪತ್ರಿಕೆಗಳನ್ನು ದಿನಾಂಕ 27.11.2025ರಂದು ಸಂಜೆ 17.00 ಗಂಟೆಯೊಳಗೆ ಪ್ರೊಕ್ಯೂರ್‌ಮೆಂಟ್ ಮುಖಾಂತರ ಸಲ್ಲಿಸಬೇಕಾಗಿರುತ್ತದೆ. ಹೆಚ್ಚಿನ ವಿವರಗಳಿಗಾಗಿ ಗ್ರಾಮ ಪಂಚಾಯತ್, ಬಾಗೇವಾಡಿ ಕಛೇರಿ ವೇಳೆಯಲ್ಲಿ ಸಂಪರ್ಕಿಸಬಹುದಾಗಿದೆ.
ಸಹಿ/-ಪಂಚಾಯತಿ ಅಭಿವೃದ್ಧಿ ಅಧಿಕಾರಿ ಗ್ರಾಮ ಪಂಚಾಯತಿ, ಬಾಗೇವಾಡಿ.
ವಿಐಪಿಆರ್/ಬಳ್ಳಾರಿ/632/ಕಿಎಸ್‌ಎಂಎ/2024-25
Printed by : B.Ramesh Uppar, Published by : B.Ramesh Uppar and Owned by: B.Ramesh Uppar, ,Printed at : SHREESHAILA PRINTERS, Eranna Gudi Opposite Road,
Eslampur, Gangavathi-581227 Koppal Dist. Karnataka. ,Published at : At Ward. No.21, Sadashiva Nagara, Near K.S.V. Rice Mill, B.M. Saw Mill, Siruguppa-583121 Dist.
Bellary, Karnataka Editor : B.Ramesh Uppar
